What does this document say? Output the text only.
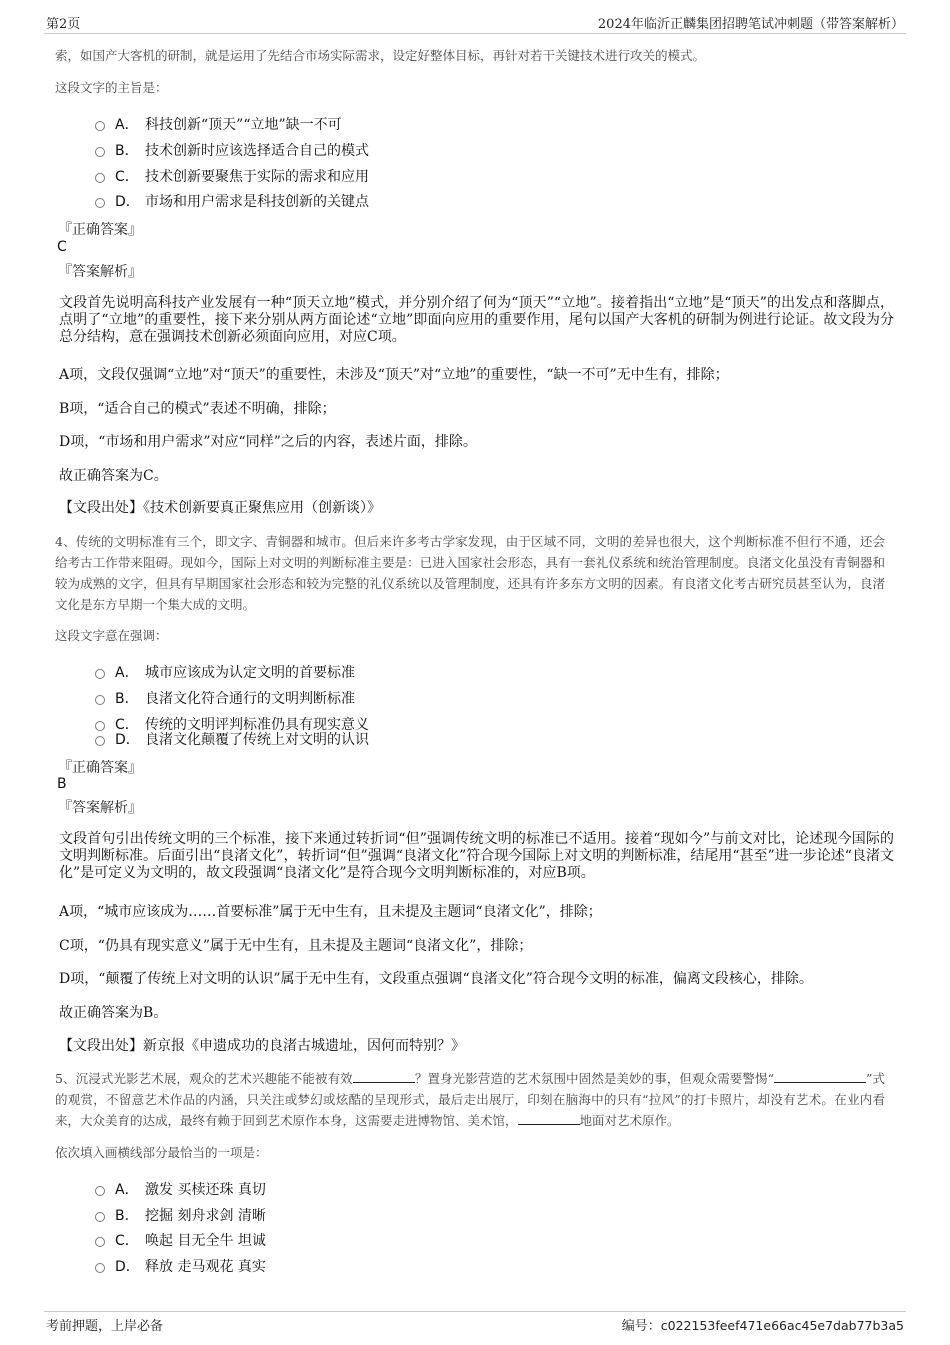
第2页	2024年临沂正麟集团招聘笔试冲刺题（带答案解析）
索，如国产大客机的研制，就是运用了先结合市场实际需求，设定好整体目标，再针对若干关键技术进行攻关的模式。
这段文字的主旨是：
A． 科技创新“顶天”“立地”缺一不可
B． 技术创新时应该选择适合自己的模式
C． 技术创新要聚焦于实际的需求和应用
D． 市场和用户需求是科技创新的关键点
『正确答案』
C
『答案解析』
文段首先说明高科技产业发展有一种“顶天立地”模式，并分别介绍了何为“顶天”“立地”。接着指出“立地”是“顶天”的出发点和落脚点，点明了“立地”的重要性，接下来分别从两方面论述“立地”即面向应用的重要作用，尾句以国产大客机的研制为例进行论证。故文段为分总分结构，意在强调技术创新必须面向应用，对应C项。
A项，文段仅强调“立地”对“顶天”的重要性，未涉及“顶天”对“立地”的重要性，“缺一不可”无中生有，排除；
B项，“适合自己的模式”表述不明确，排除；
D项，“市场和用户需求”对应“同样”之后的内容，表述片面，排除。
故正确答案为C。
【文段出处】《技术创新要真正聚焦应用（创新谈）》
4、传统的文明标准有三个，即文字、青铜器和城市。但后来许多考古学家发现，由于区域不同，文明的差异也很大，这个判断标准不但行不通，还会给考古工作带来阻碍。现如今，国际上对文明的判断标准主要是：已进入国家社会形态，具有一套礼仪系统和统治管理制度。良渚文化虽没有青铜器和较为成熟的文字，但具有早期国家社会形态和较为完整的礼仪系统以及管理制度，还具有许多东方文明的因素。有良渚文化考古研究员甚至认为，良渚文化是东方早期一个集大成的文明。
这段文字意在强调：
A． 城市应该成为认定文明的首要标准
B． 良渚文化符合通行的文明判断标准
C． 传统的文明评判标准仍具有现实意义
D． 良渚文化颠覆了传统上对文明的认识
『正确答案』
B
『答案解析』
文段首句引出传统文明的三个标准，接下来通过转折词“但”强调传统文明的标准已不适用。接着“现如今”与前文对比，论述现今国际的文明判断标准。后面引出“良渚文化”，转折词“但”强调“良渚文化”符合现今国际上对文明的判断标准，结尾用“甚至”进一步论述“良渚文化”是可定义为文明的，故文段强调“良渚文化”是符合现今文明判断标准的，对应B项。
A项，“城市应该成为……首要标准”属于无中生有，且未提及主题词“良渚文化”，排除；
C项，“仍具有现实意义”属于无中生有，且未提及主题词“良渚文化”，排除；
D项，“颠覆了传统上对文明的认识”属于无中生有，文段重点强调“良渚文化”符合现今文明的标准，偏离文段核心，排除。
故正确答案为B。
【文段出处】新京报《申遗成功的良渚古城遗址，因何而特别？》
5、沉浸式光影艺术展，观众的艺术兴趣能不能被有效	？置身光影营造的艺术氛围中固然是美妙的事，但观众需要警惕“	”式的观赏，不留意艺术作品的内涵，只关注或梦幻或炫酷的呈现形式，最后走出展厅，印刻在脑海中的只有“拉风”的打卡照片，却没有艺术。在业内看来，大众美育的达成，最终有赖于回到艺术原作本身，这需要走进博物馆、美术馆，	地面对艺术原作。
依次填入画横线部分最恰当的一项是：
A． 激发 买椟还珠 真切
B． 挖掘 刻舟求剑 清晰
C． 唤起 目无全牛 坦诚
D． 释放 走马观花 真实
考前押题，上岸必备	编号：c022153feef471e66ac45e7dab77b3a5
